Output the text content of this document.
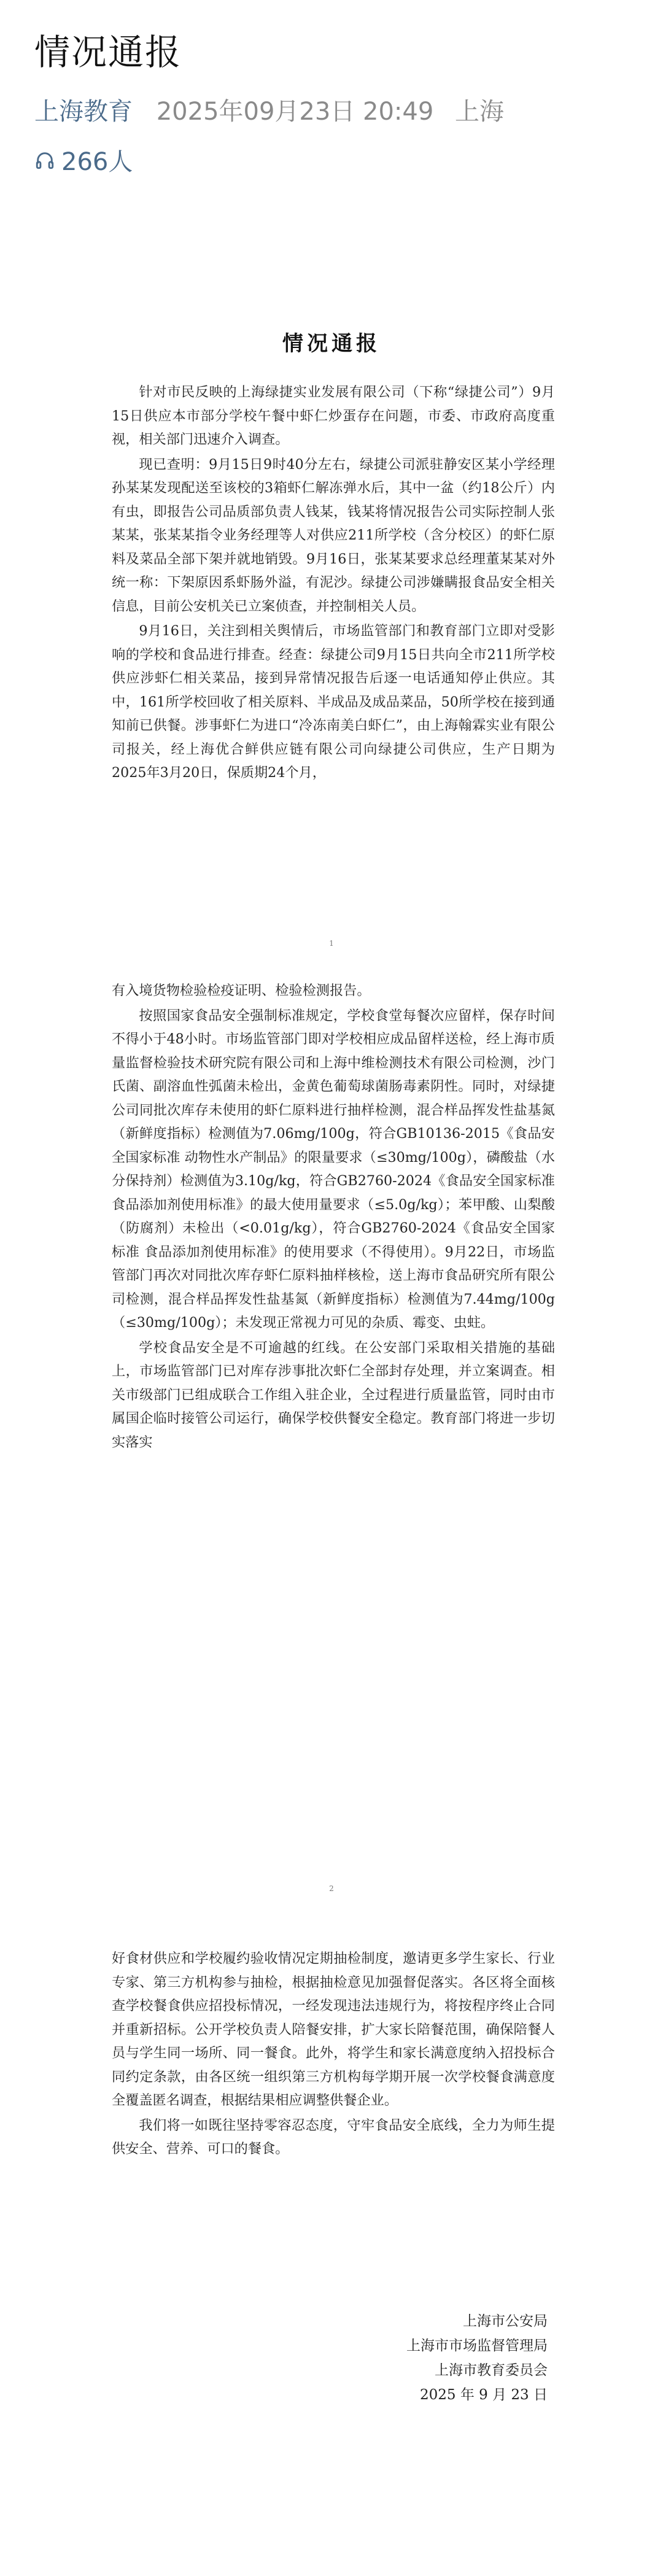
情况通报
上海教育 2025年09月23日 20:49 上海
266人
情况通报

针对市民反映的上海绿捷实业发展有限公司（下称“绿捷公司”）9月15日供应本市部分学校午餐中虾仁炒蛋存在问题，市委、市政府高度重视，相关部门迅速介入调查。

现已查明：9月15日9时40分左右，绿捷公司派驻静安区某小学经理孙某某发现配送至该校的3箱虾仁解冻弹水后，其中一盆（约18公斤）内有虫，即报告公司品质部负责人钱某，钱某将情况报告公司实际控制人张某某，张某某指令业务经理等人对供应211所学校（含分校区）的虾仁原料及菜品全部下架并就地销毁。9月16日，张某某要求总经理董某某对外统一称：下架原因系虾肠外溢，有泥沙。绿捷公司涉嫌瞒报食品安全相关信息，目前公安机关已立案侦查，并控制相关人员。

9月16日，关注到相关舆情后，市场监管部门和教育部门立即对受影响的学校和食品进行排查。经查：绿捷公司9月15日共向全市211所学校供应涉虾仁相关菜品，接到异常情况报告后逐一电话通知停止供应。其中，161所学校回收了相关原料、半成品及成品菜品，50所学校在接到通知前已供餐。涉事虾仁为进口“冷冻南美白虾仁”，由上海翰霖实业有限公司报关，经上海优合鲜供应链有限公司向绿捷公司供应，生产日期为2025年3月20日，保质期24个月，

1

有入境货物检验检疫证明、检验检测报告。

按照国家食品安全强制标准规定，学校食堂每餐次应留样，保存时间不得小于48小时。市场监管部门即对学校相应成品留样送检，经上海市质量监督检验技术研究院有限公司和上海中维检测技术有限公司检测，沙门氏菌、副溶血性弧菌未检出，金黄色葡萄球菌肠毒素阴性。同时，对绿捷公司同批次库存未使用的虾仁原料进行抽样检测，混合样品挥发性盐基氮（新鲜度指标）检测值为7.06mg/100g，符合GB10136-2015《食品安全国家标准 动物性水产制品》的限量要求（≤30mg/100g），磷酸盐（水分保持剂）检测值为3.10g/kg，符合GB2760-2024《食品安全国家标准 食品添加剂使用标准》的最大使用量要求（≤5.0g/kg）；苯甲酸、山梨酸（防腐剂）未检出（<0.01g/kg），符合GB2760-2024《食品安全国家标准 食品添加剂使用标准》的使用要求（不得使用）。9月22日，市场监管部门再次对同批次库存虾仁原料抽样核检，送上海市食品研究所有限公司检测，混合样品挥发性盐基氮（新鲜度指标）检测值为7.44mg/100g（≤30mg/100g）；未发现正常视力可见的杂质、霉变、虫蛀。

学校食品安全是不可逾越的红线。在公安部门采取相关措施的基础上，市场监管部门已对库存涉事批次虾仁全部封存处理，并立案调查。相关市级部门已组成联合工作组入驻企业，全过程进行质量监管，同时由市属国企临时接管公司运行，确保学校供餐安全稳定。教育部门将进一步切实落实

2

好食材供应和学校履约验收情况定期抽检制度，邀请更多学生家长、行业专家、第三方机构参与抽检，根据抽检意见加强督促落实。各区将全面核查学校餐食供应招投标情况，一经发现违法违规行为，将按程序终止合同并重新招标。公开学校负责人陪餐安排，扩大家长陪餐范围，确保陪餐人员与学生同一场所、同一餐食。此外，将学生和家长满意度纳入招投标合同约定条款，由各区统一组织第三方机构每学期开展一次学校餐食满意度全覆盖匿名调查，根据结果相应调整供餐企业。

我们将一如既往坚持零容忍态度，守牢食品安全底线，全力为师生提供安全、营养、可口的餐食。

上海市公安局
上海市市场监督管理局
上海市教育委员会
2025 年 9 月 23 日
